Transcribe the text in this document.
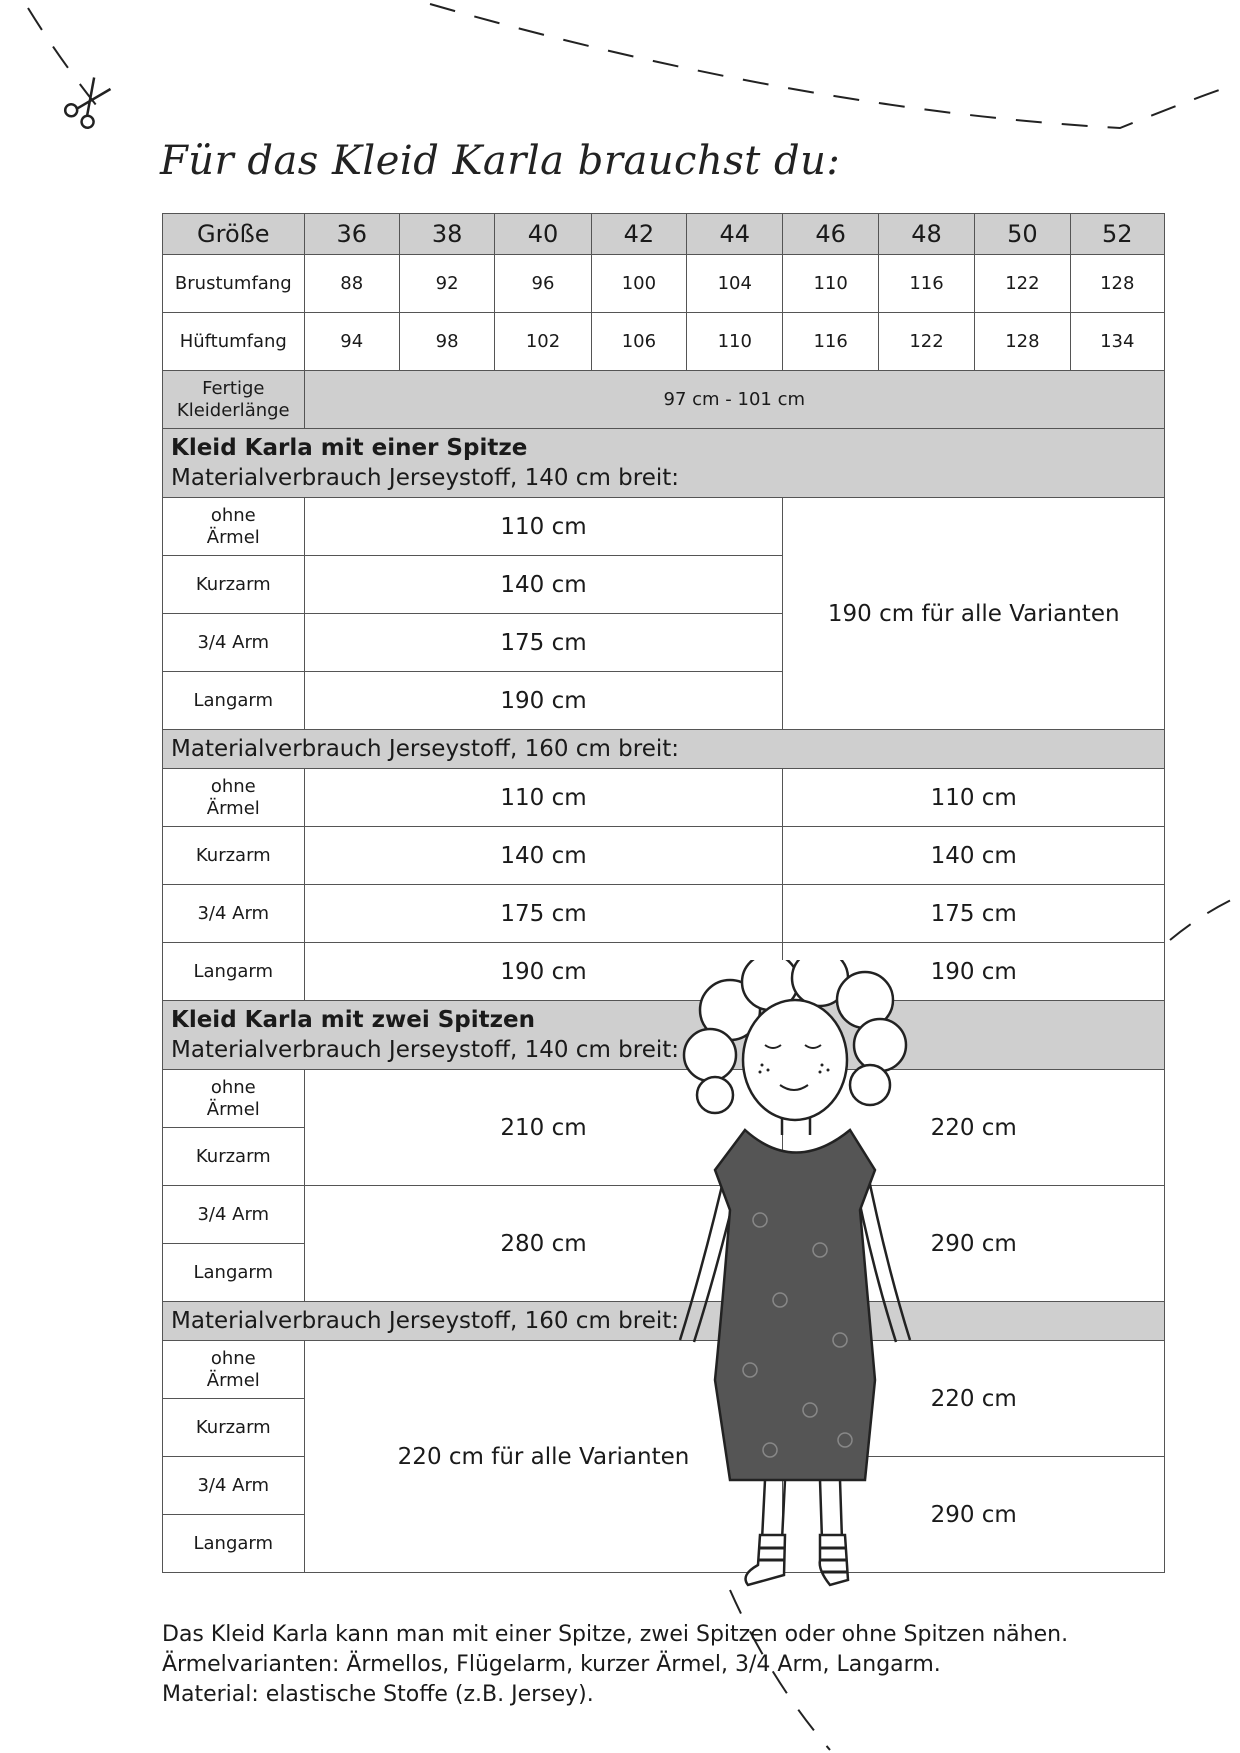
Für das Kleid Karla brauchst du:
Größe	36	38	40	42	44	46	48	50	52
Brustumfang	88	92	96	100	104	110	116	122	128
Hüftumfang	94	98	102	106	110	116	122	128	134

Fertige
Kleiderlänge	97 cm - 101 cm								

Kleid Karla mit einer Spitze
Materialverbrauch Jerseystoff, 140 cm breit:									

ohne
Ärmel	110 cm					190 cm für alle Varianten			
Kurzarm	140 cm								
3/4 Arm	175 cm								
Langarm	190 cm								
Materialverbrauch Jerseystoff, 160 cm breit:									

ohne
Ärmel	110 cm					110 cm			
Kurzarm	140 cm					140 cm			
3/4 Arm	175 cm					175 cm			
Langarm	190 cm					190 cm			

Kleid Karla mit zwei Spitzen
Materialverbrauch Jerseystoff, 140 cm breit:									

ohne
Ärmel	210 cm					220 cm			
Kurzarm									
3/4 Arm	280 cm					290 cm			
Langarm									
Materialverbrauch Jerseystoff, 160 cm breit:									

ohne
Ärmel	220 cm für alle Varianten					220 cm			
Kurzarm									
3/4 Arm						290 cm			
Langarm									
Das Kleid Karla kann man mit einer Spitze, zwei Spitzen oder ohne Spitzen nähen.
Ärmelvarianten: Ärmellos, Flügelarm, kurzer Ärmel, 3/4 Arm, Langarm.
Material: elastische Stoffe (z.B. Jersey).
